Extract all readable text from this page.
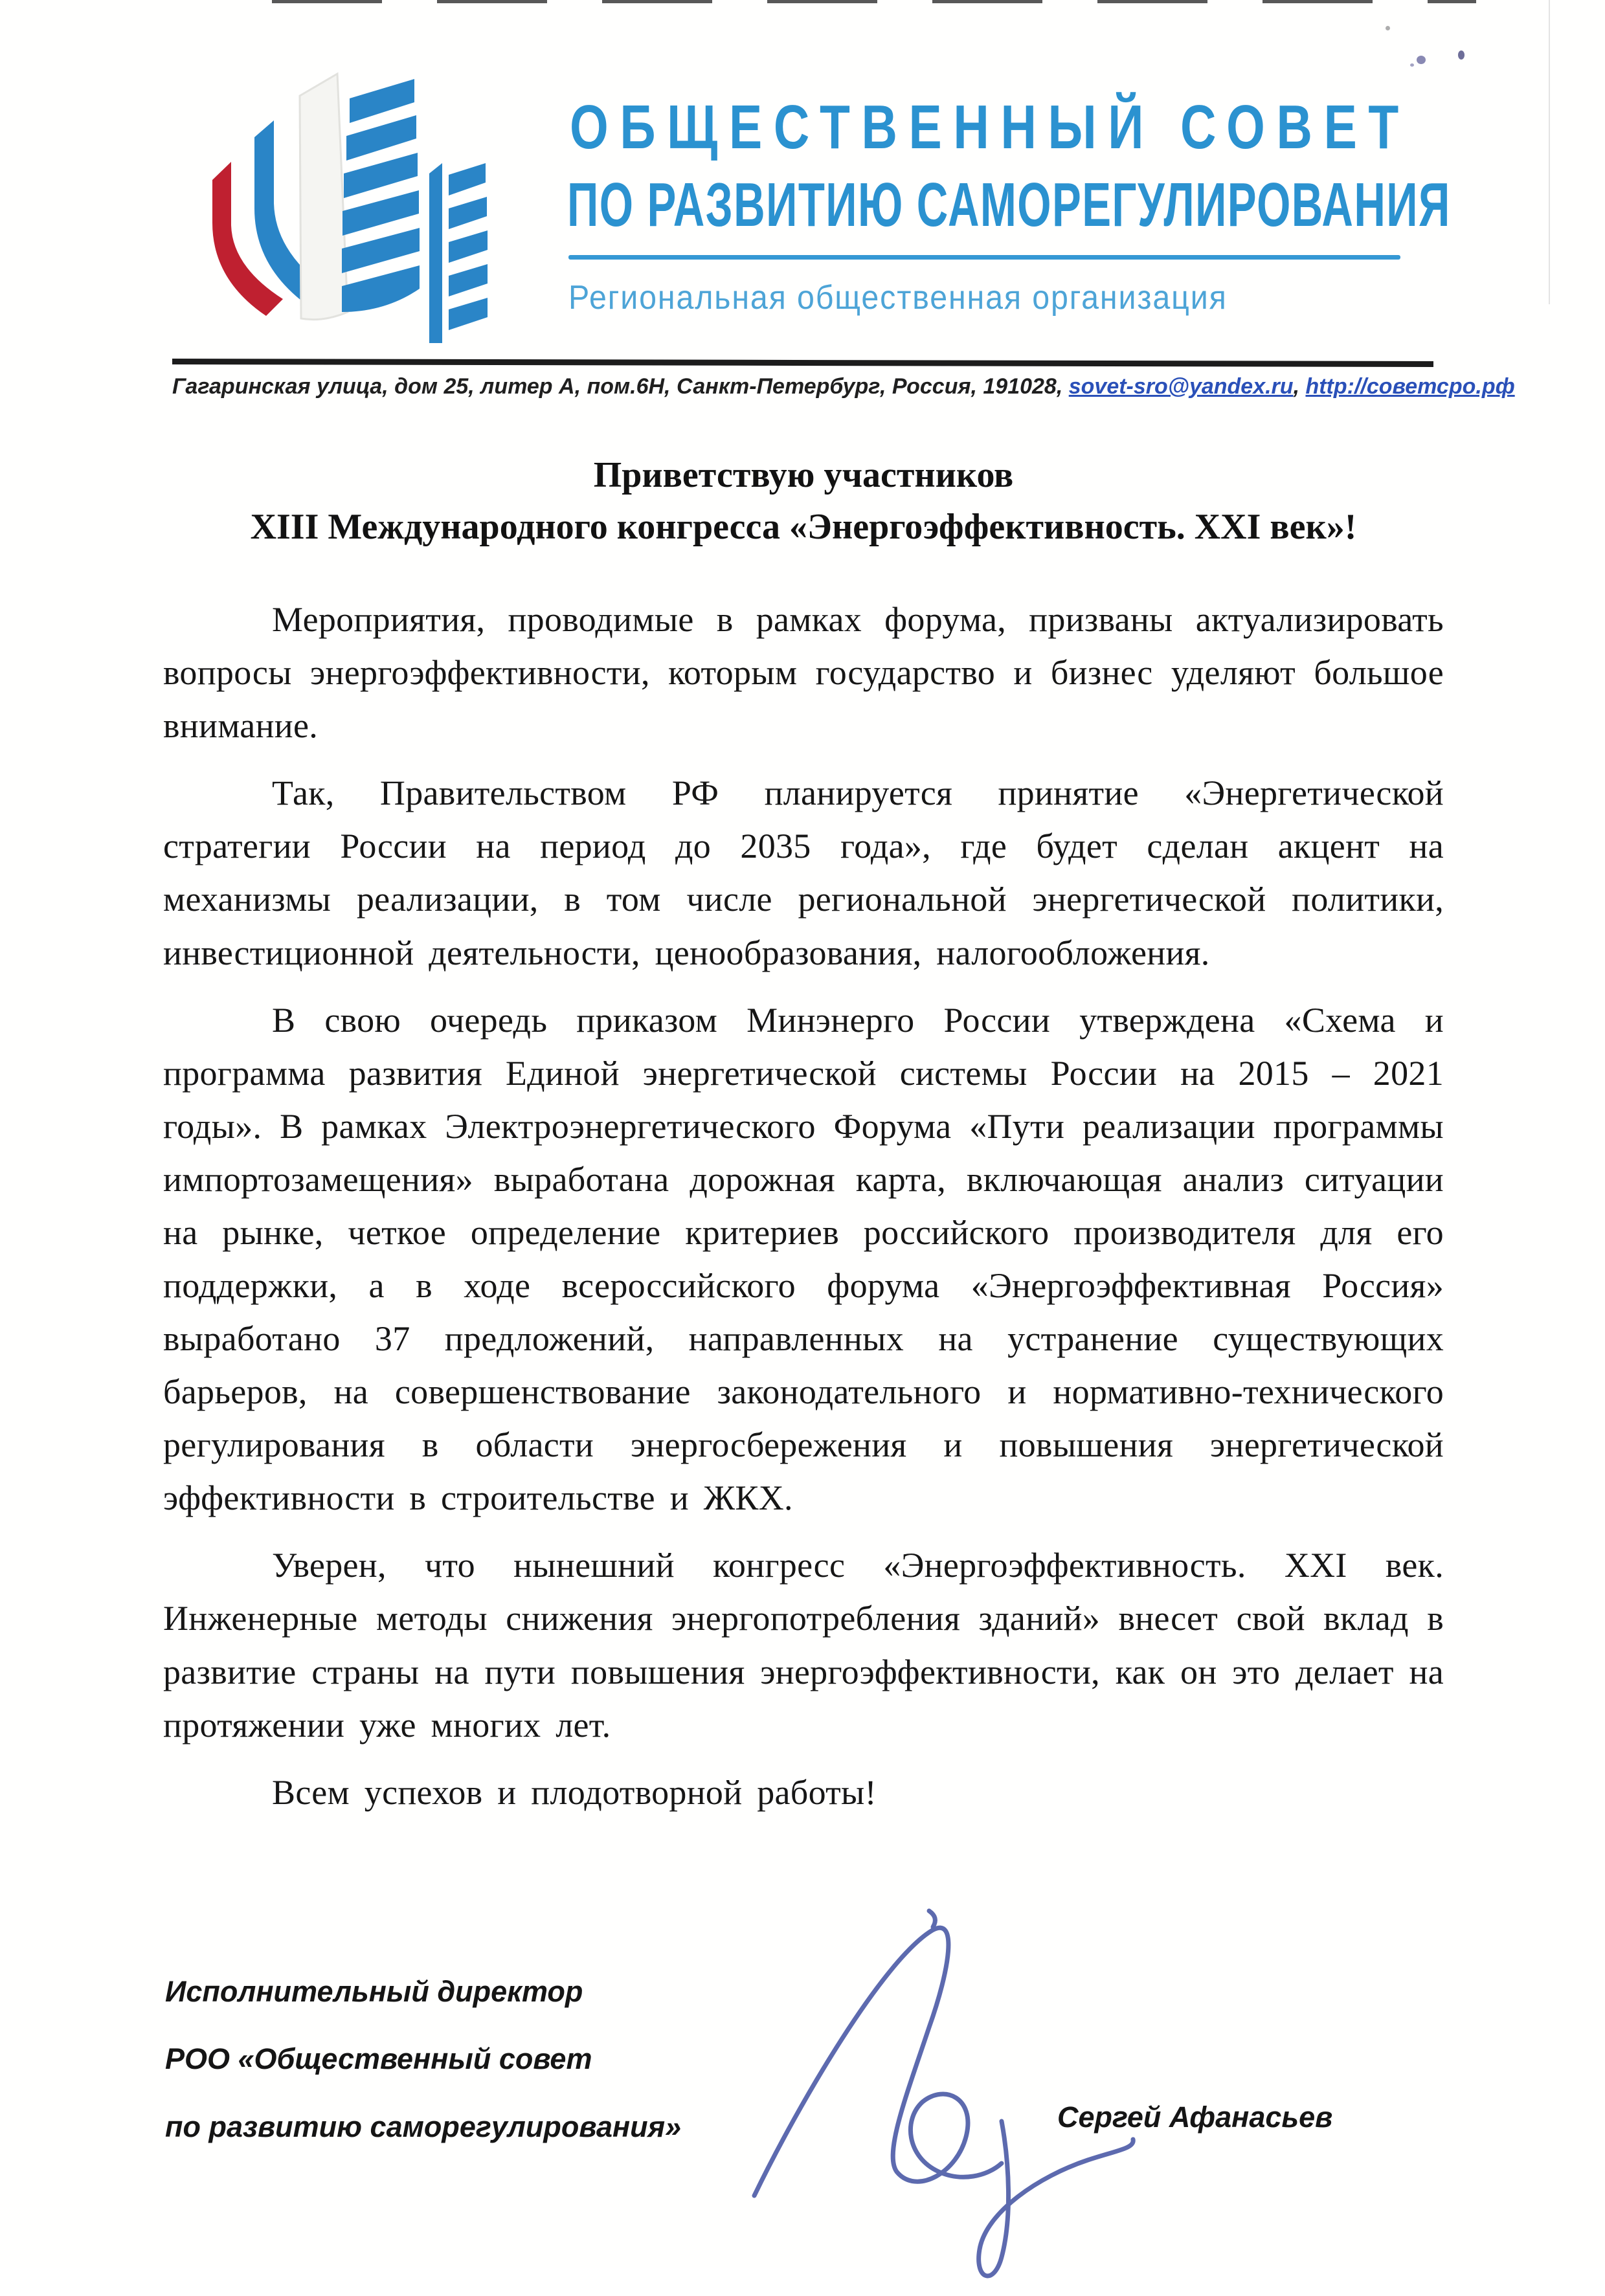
ОБЩЕСТВЕННЫЙ СОВЕТ
ПО РАЗВИТИЮ САМОРЕГУЛИРОВАНИЯ
Региональная общественная организация
Гагаринская улица, дом 25, литер А, пом.6Н, Санкт-Петербург, Россия, 191028, sovet-sro@yandex.ru, http://советсро.рф
Приветствую участников
XIII Международного конгресса «Энергоэффективность. XXI век»!

Мероприятия, проводимые в рамках форума, призваны актуализировать вопросы энергоэффективности, которым государство и бизнес уделяют большое внимание.

Так, Правительством РФ планируется принятие «Энергетической стратегии России на период до 2035 года», где будет сделан акцент на механизмы реализации, в том числе региональной энергетической политики, инвестиционной деятельности, ценообразования, налогообложения.

В свою очередь приказом Минэнерго России утверждена «Схема и программа развития Единой энергетической системы России на 2015 – 2021 годы». В рамках Электроэнергетического Форума «Пути реализации программы импортозамещения» выработана дорожная карта, включающая анализ ситуации на рынке, четкое определение критериев российского производителя для его поддержки, а в ходе всероссийского форума «Энергоэффективная Россия» выработано 37 предложений, направленных на устранение существующих барьеров, на совершенствование законодательного и нормативно-технического регулирования в области энергосбережения и повышения энергетической эффективности в строительстве и ЖКХ.

Уверен, что нынешний конгресс «Энергоэффективность. XXI век. Инженерные методы снижения энергопотребления зданий» внесет свой вклад в развитие страны на пути повышения энергоэффективности, как он это делает на протяжении уже многих лет.

Всем успехов и плодотворной работы!

Исполнительный директор
РОО «Общественный совет
по развитию саморегулирования»	Сергей Афанасьев
